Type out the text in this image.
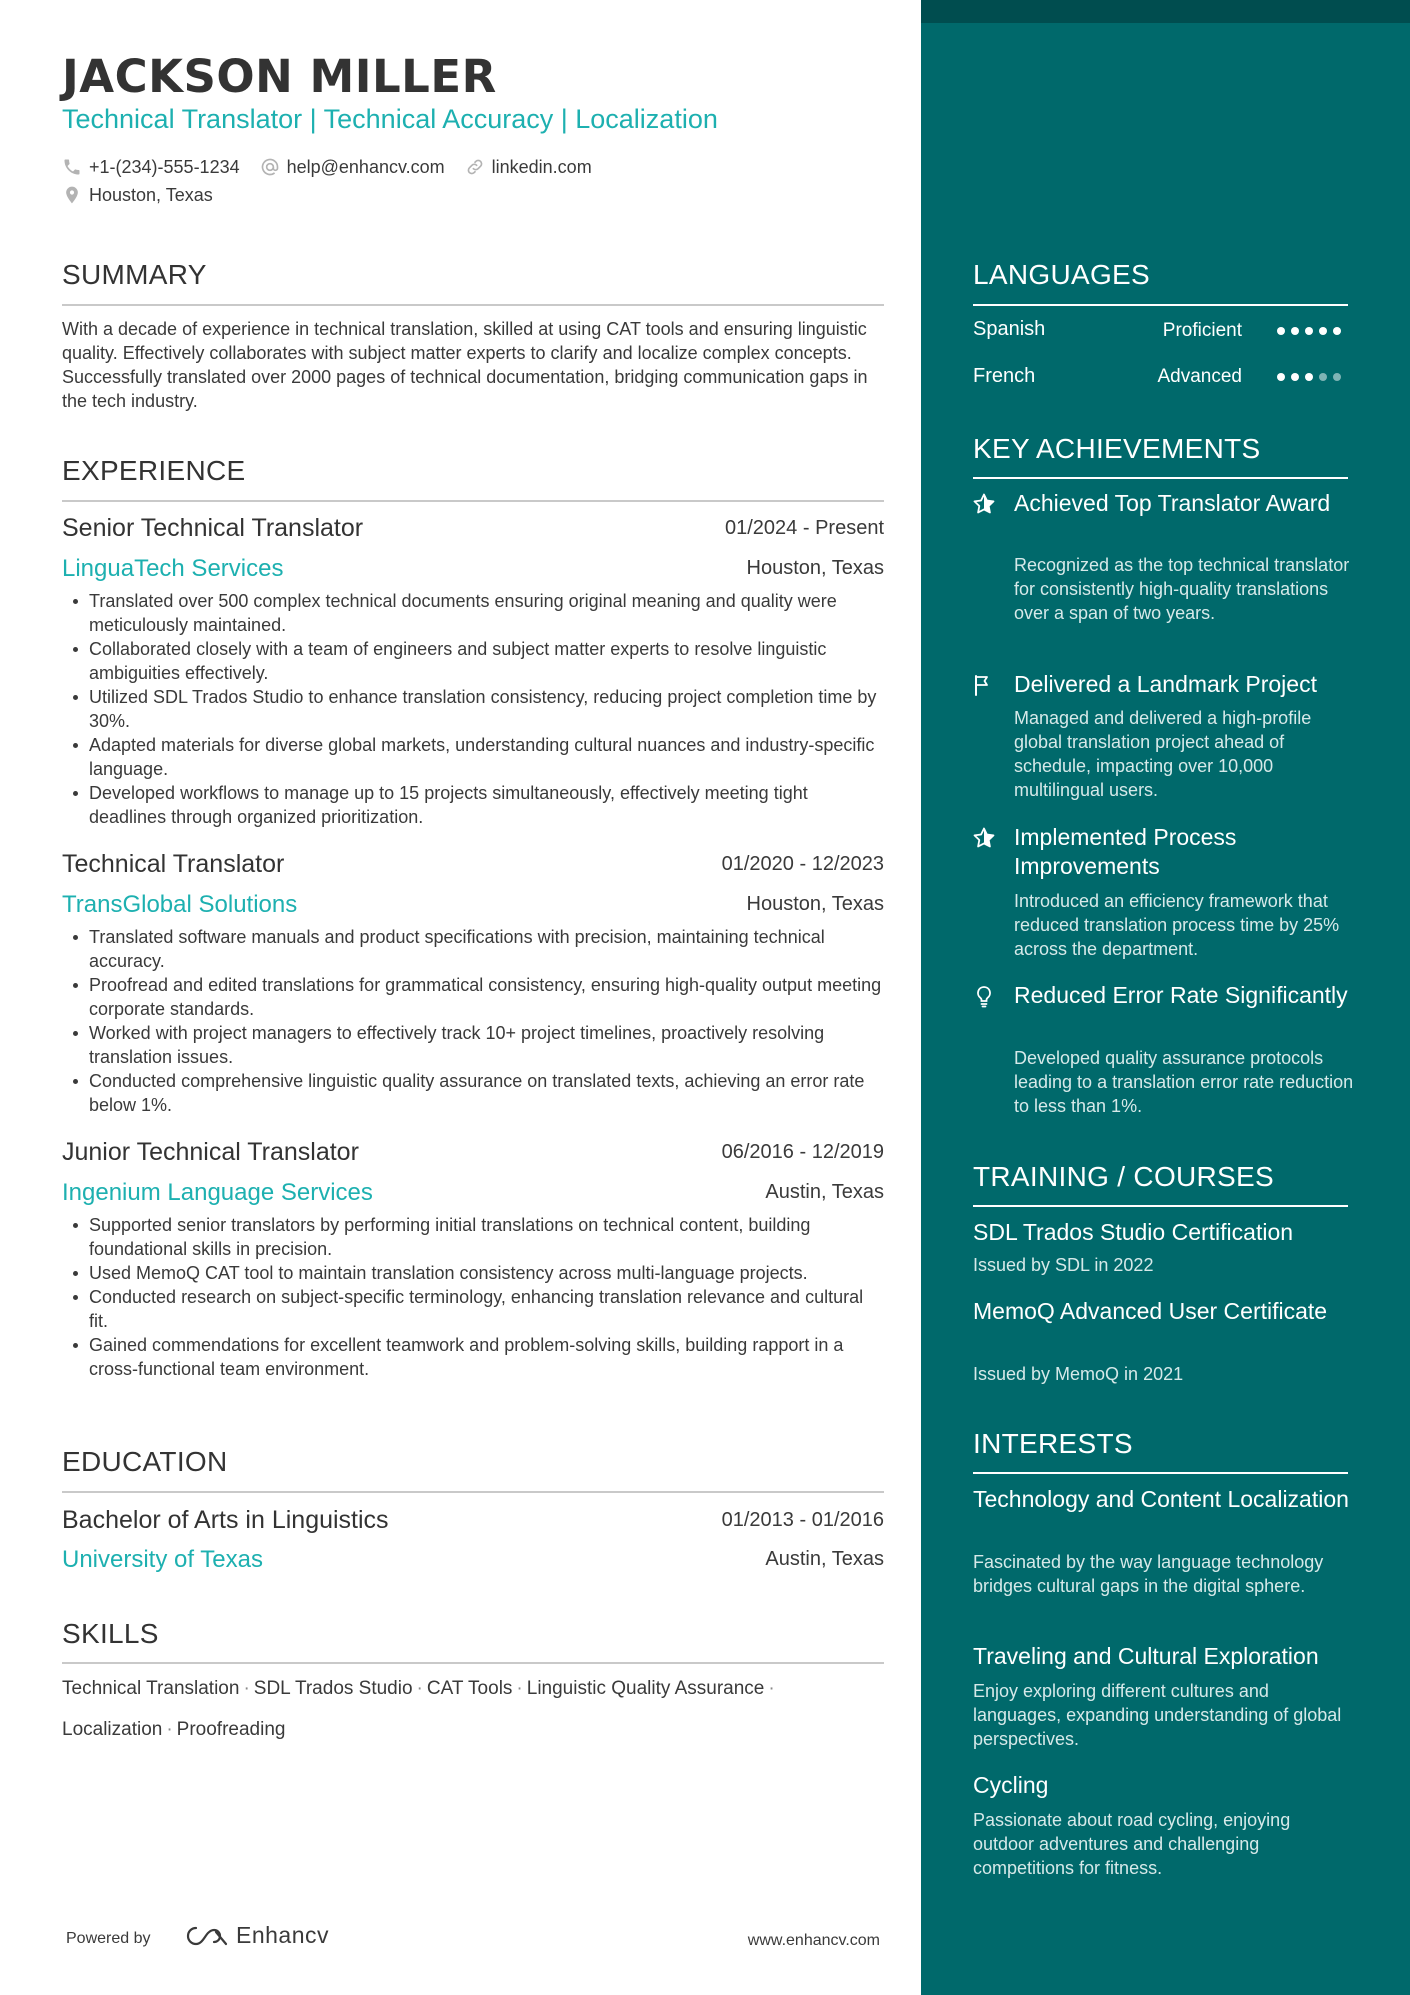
JACKSON MILLER
Technical Translator | Technical Accuracy | Localization
+1-(234)-555-1234	help@enhancv.com	linkedin.com
Houston, Texas
SUMMARY
With a decade of experience in technical translation, skilled at using CAT tools and ensuring linguistic quality. Effectively collaborates with subject matter experts to clarify and localize complex concepts. Successfully translated over 2000 pages of technical documentation, bridging communication gaps in the tech industry.
EXPERIENCE
Senior Technical Translator	01/2024 - Present
LinguaTech Services	Houston, Texas
Translated over 500 complex technical documents ensuring original meaning and quality were meticulously maintained.
Collaborated closely with a team of engineers and subject matter experts to resolve linguistic ambiguities effectively.
Utilized SDL Trados Studio to enhance translation consistency, reducing project completion time by 30%.
Adapted materials for diverse global markets, understanding cultural nuances and industry-specific language.
Developed workflows to manage up to 15 projects simultaneously, effectively meeting tight deadlines through organized prioritization.
Technical Translator	01/2020 - 12/2023
TransGlobal Solutions	Houston, Texas
Translated software manuals and product specifications with precision, maintaining technical accuracy.
Proofread and edited translations for grammatical consistency, ensuring high-quality output meeting corporate standards.
Worked with project managers to effectively track 10+ project timelines, proactively resolving translation issues.
Conducted comprehensive linguistic quality assurance on translated texts, achieving an error rate below 1%.
Junior Technical Translator	06/2016 - 12/2019
Ingenium Language Services	Austin, Texas
Supported senior translators by performing initial translations on technical content, building foundational skills in precision.
Used MemoQ CAT tool to maintain translation consistency across multi-language projects.
Conducted research on subject-specific terminology, enhancing translation relevance and cultural fit.
Gained commendations for excellent teamwork and problem-solving skills, building rapport in a cross-functional team environment.
EDUCATION
Bachelor of Arts in Linguistics	01/2013 - 01/2016
University of Texas	Austin, Texas
SKILLS
Technical Translation · SDL Trados Studio · CAT Tools · Linguistic Quality Assurance ·
Localization · Proofreading
Powered by	Enhancv	www.enhancv.com
LANGUAGES
Spanish	Proficient
French	Advanced
KEY ACHIEVEMENTS
Achieved Top Translator Award
Recognized as the top technical translator for consistently high-quality translations over a span of two years.
Delivered a Landmark Project
Managed and delivered a high-profile global translation project ahead of schedule, impacting over 10,000 multilingual users.
Implemented Process Improvements
Introduced an efficiency framework that reduced translation process time by 25% across the department.
Reduced Error Rate Significantly
Developed quality assurance protocols leading to a translation error rate reduction to less than 1%.
TRAINING / COURSES
SDL Trados Studio Certification
Issued by SDL in 2022
MemoQ Advanced User Certificate
Issued by MemoQ in 2021
INTERESTS
Technology and Content Localization
Fascinated by the way language technology bridges cultural gaps in the digital sphere.
Traveling and Cultural Exploration
Enjoy exploring different cultures and languages, expanding understanding of global perspectives.
Cycling
Passionate about road cycling, enjoying outdoor adventures and challenging competitions for fitness.
